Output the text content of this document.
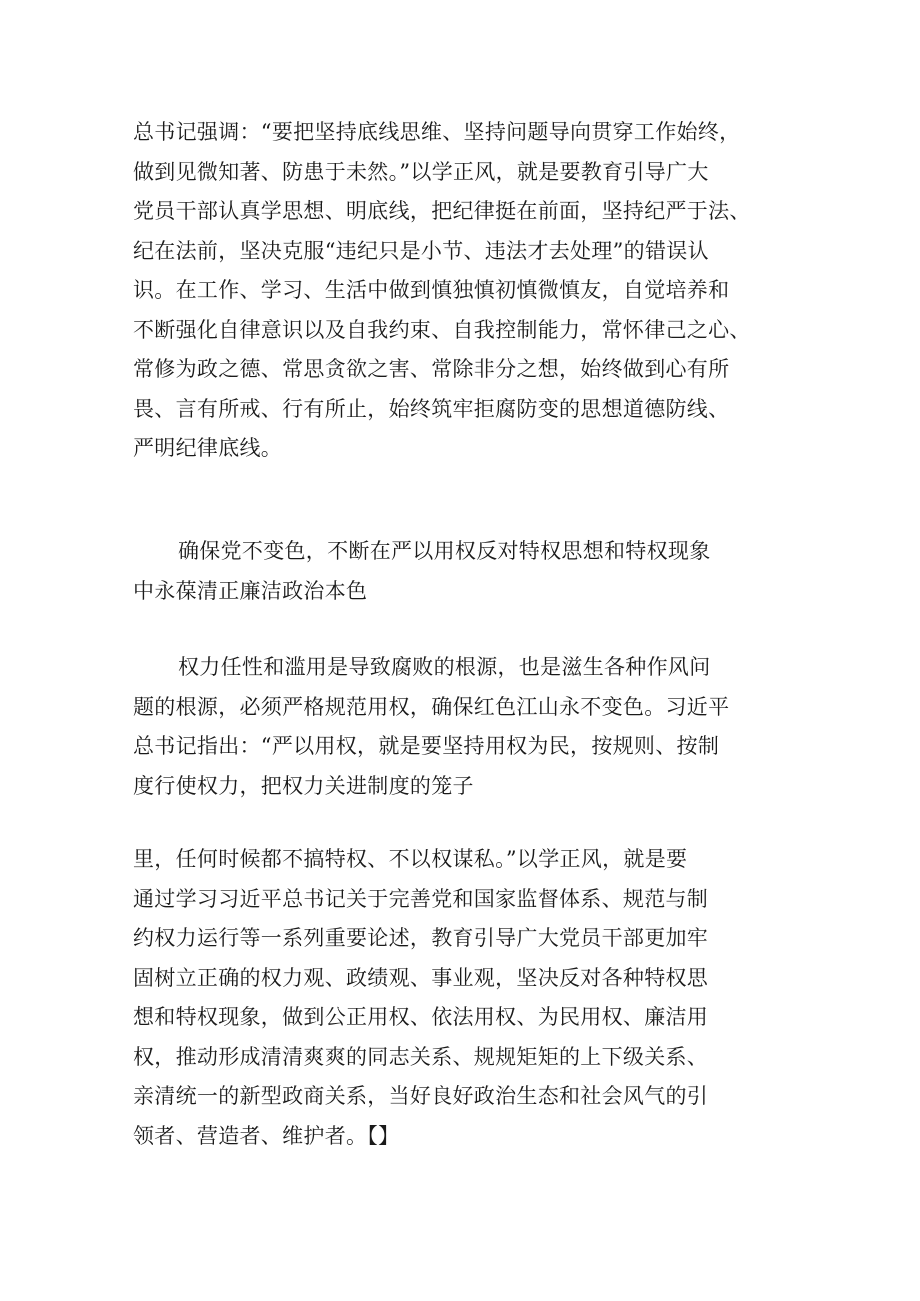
总书记强调：“要把坚持底线思维、坚持问题导向贯穿工作始终，
做到见微知著、防患于未然。”以学正风，就是要教育引导广大
党员干部认真学思想、明底线，把纪律挺在前面，坚持纪严于法、
纪在法前，坚决克服“违纪只是小节、违法才去处理”的错误认
识。在工作、学习、生活中做到慎独慎初慎微慎友，自觉培养和
不断强化自律意识以及自我约束、自我控制能力，常怀律己之心、
常修为政之德、常思贪欲之害、常除非分之想，始终做到心有所
畏、言有所戒、行有所止，始终筑牢拒腐防变的思想道德防线、
严明纪律底线。
确保党不变色，不断在严以用权反对特权思想和特权现象
中永葆清正廉洁政治本色
权力任性和滥用是导致腐败的根源，也是滋生各种作风问
题的根源，必须严格规范用权，确保红色江山永不变色。习近平
总书记指出：“严以用权，就是要坚持用权为民，按规则、按制
度行使权力，把权力关进制度的笼子
里，任何时候都不搞特权、不以权谋私。”以学正风，就是要
通过学习习近平总书记关于完善党和国家监督体系、规范与制
约权力运行等一系列重要论述，教育引导广大党员干部更加牢
固树立正确的权力观、政绩观、事业观，坚决反对各种特权思
想和特权现象，做到公正用权、依法用权、为民用权、廉洁用
权，推动形成清清爽爽的同志关系、规规矩矩的上下级关系、
亲清统一的新型政商关系，当好良好政治生态和社会风气的引
领者、营造者、维护者。【】
